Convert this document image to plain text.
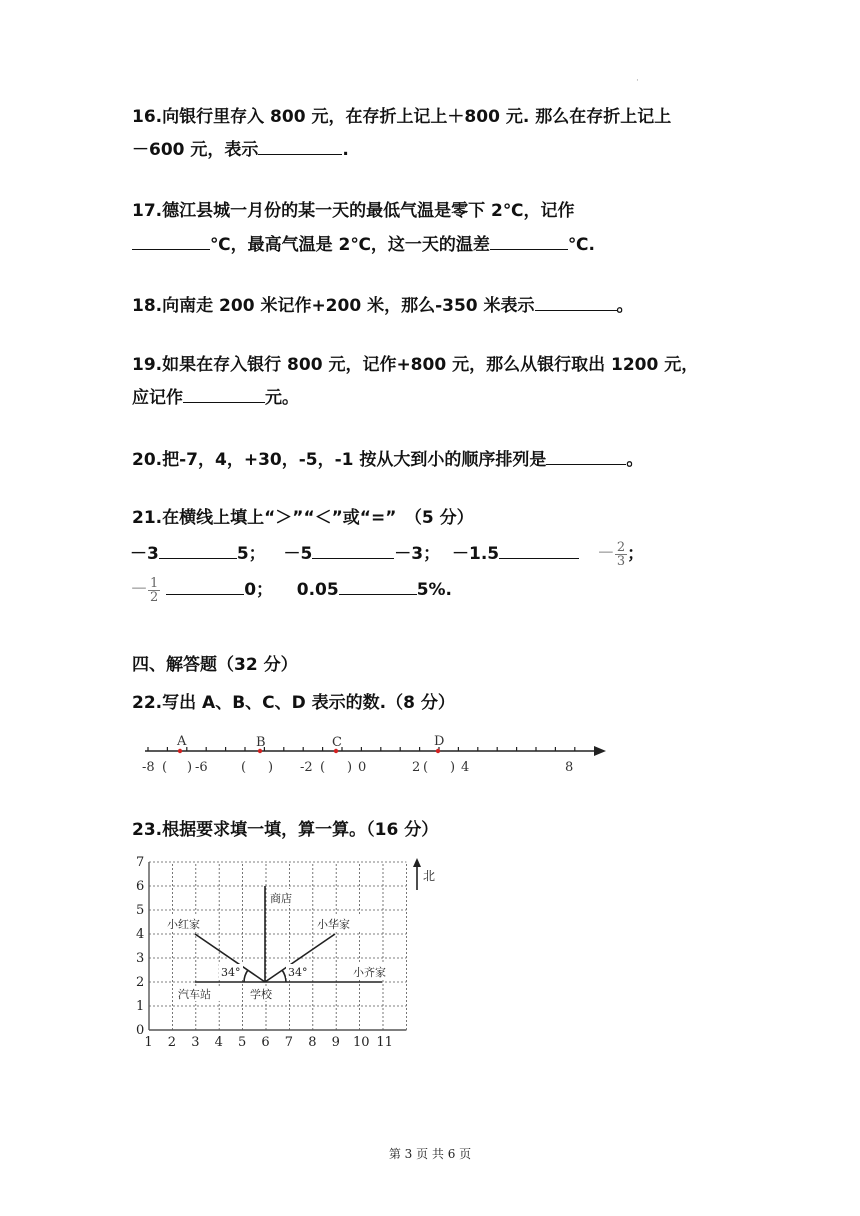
·
16.向银行里存入 800 元，在存折上记上＋800 元. 那么在存折上记上
－600 元，表示	.
17.德江县城一月份的某一天的最低气温是零下 2℃，记作
℃，最高气温是 2℃，这一天的温差	℃.
18.向南走 200 米记作+200 米，那么-350 米表示	。
19.如果在存入银行 800 元，记作+800 元，那么从银行取出 1200 元，
应记作	元。
20.把-7，4，+30，-5，-1 按从大到小的顺序排列是	。
21.在横线上填上“＞”“＜”或“=”　（5 分）
－3	5； －5	－3； －1.5	－ $\frac{2}{3}$ ；
－ $\frac{1}{2}$	0； 0.05	5%.
四、解答题（32 分）
22.写出 A、B、C、D 表示的数.（8 分）
A	B	C	D
-8 ( ) -6	( ) -2 ( ) 0	2 ( ) 4	8
23.根据要求填一填，算一算。（16 分）
0
1
2
3
4
5
6
7
1 2 3 4 5 6 7 8 9 10 11
北
商店
小红家	小华家
小齐家
汽车站	学校
34°	34°
第 3 页 共 6 页
